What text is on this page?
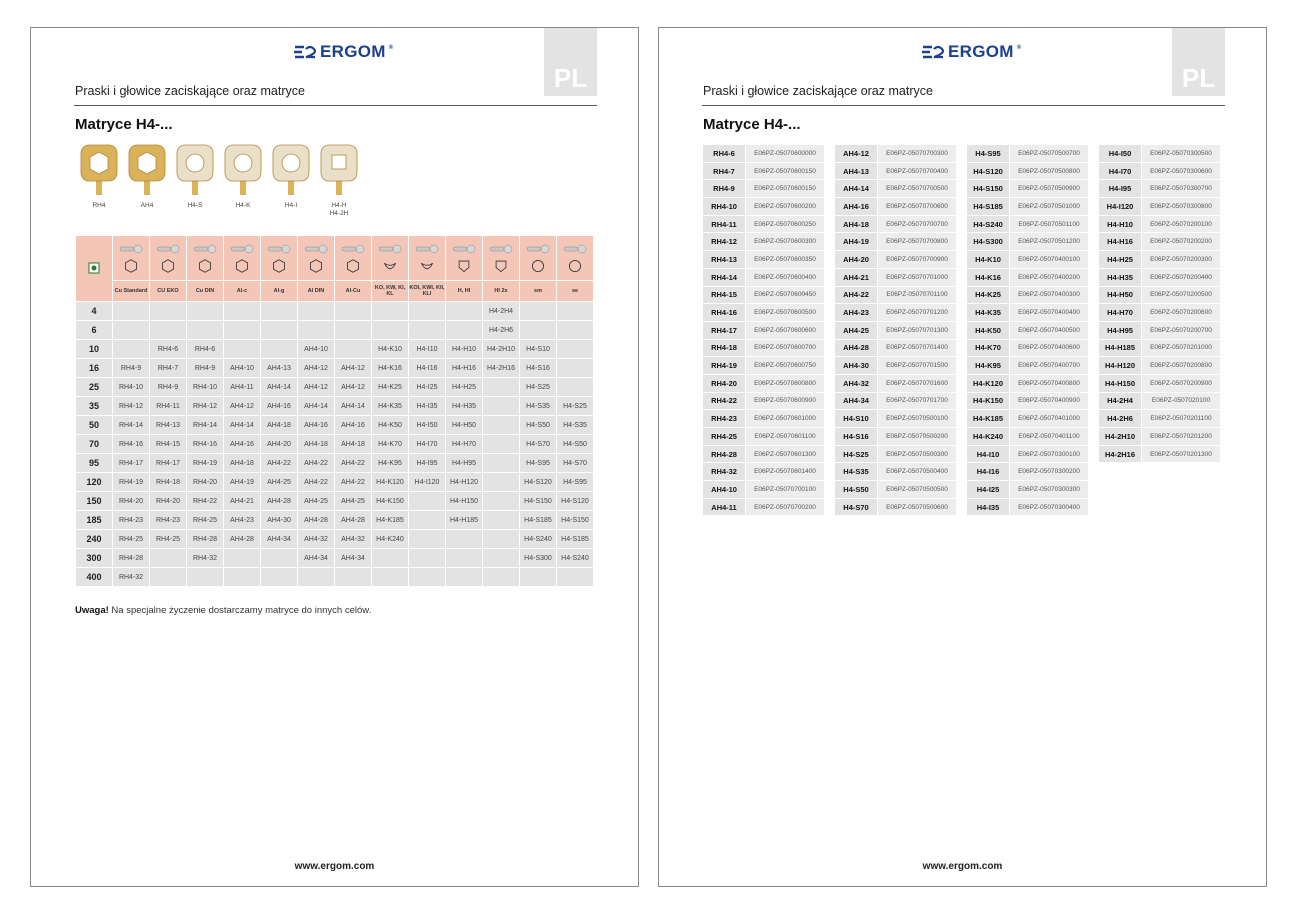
ERGOM ®
PL
Praski i głowice zaciskające oraz matryce
Matryce H4-...
RH4	AH4	H4-S	H4-K	H4-I	H4-H
H4-2H

	Cu Standard	CU EKO	Cu DIN	Al-c	Al-g	Al DIN	Al-Cu	KO, KW, KI, KL	KOI, KWI, KII, KLI	H, HI	HI 2x	sm	se
4											H4-2H4		
6											H4-2H6		
10		RH4-6	RH4-6			AH4-10		H4-K10	H4-I10	H4-H10	H4-2H10	H4-S10	
16	RH4-9	RH4-7	RH4-9	AH4-10	AH4-13	AH4-12	AH4-12	H4-K16	H4-I16	H4-H16	H4-2H16	H4-S16	
25	RH4-10	RH4-9	RH4-10	AH4-11	AH4-14	AH4-12	AH4-12	H4-K25	H4-I25	H4-H25		H4-S25	
35	RH4-12	RH4-11	RH4-12	AH4-12	AH4-16	AH4-14	AH4-14	H4-K35	H4-I35	H4-H35		H4-S35	H4-S25
50	RH4-14	RH4-13	RH4-14	AH4-14	AH4-18	AH4-16	AH4-16	H4-K50	H4-I50	H4-H50		H4-S50	H4-S35
70	RH4-16	RH4-15	RH4-16	AH4-16	AH4-20	AH4-18	AH4-18	H4-K70	H4-I70	H4-H70		H4-S70	H4-S50
95	RH4-17	RH4-17	RH4-19	AH4-18	AH4-22	AH4-22	AH4-22	H4-K95	H4-I95	H4-H95		H4-S95	H4-S70
120	RH4-19	RH4-18	RH4-20	AH4-19	AH4-25	AH4-22	AH4-22	H4-K120	H4-I120	H4-H120		H4-S120	H4-S95
150	RH4-20	RH4-20	RH4-22	AH4-21	AH4-28	AH4-25	AH4-25	H4-K150		H4-H150		H4-S150	H4-S120
185	RH4-23	RH4-23	RH4-25	AH4-23	AH4-30	AH4-28	AH4-28	H4-K185		H4-H185		H4-S185	H4-S150
240	RH4-25	RH4-25	RH4-28	AH4-28	AH4-34	AH4-32	AH4-32	H4-K240				H4-S240	H4-S185
300	RH4-28		RH4-32			AH4-34	AH4-34					H4-S300	H4-S240
400	RH4-32												
Uwaga! Na specjalne życzenie dostarczamy matryce do innych celów.
www.ergom.com
ERGOM ®
PL
Praski i głowice zaciskające oraz matryce
Matryce H4-...
RH4-6	E06PZ-05070600000
RH4-7	E06PZ-05070600150
RH4-9	E06PZ-05070600150
RH4-10	E06PZ-05070600200
RH4-11	E06PZ-05070600250
RH4-12	E06PZ-05070600300
RH4-13	E06PZ-05070600350
RH4-14	E06PZ-05070600400
RH4-15	E06PZ-05070600450
RH4-16	E06PZ-05070600500
RH4-17	E06PZ-05070600600
RH4-18	E06PZ-05070600700
RH4-19	E06PZ-05070600750
RH4-20	E06PZ-05070600800
RH4-22	E06PZ-05070600900
RH4-23	E06PZ-05070601000
RH4-25	E06PZ-05070601100
RH4-28	E06PZ-05070601300
RH4-32	E06PZ-05070601400
AH4-10	E06PZ-05070700100
AH4-11	E06PZ-05070700200
AH4-12	E06PZ-05070700300
AH4-13	E06PZ-05070700400
AH4-14	E06PZ-05070700500
AH4-16	E06PZ-05070700600
AH4-18	E06PZ-05070700700
AH4-19	E06PZ-05070700800
AH4-20	E06PZ-05070700900
AH4-21	E06PZ-05070701000
AH4-22	E06PZ-05070701100
AH4-23	E06PZ-05070701200
AH4-25	E06PZ-05070701300
AH4-28	E06PZ-05070701400
AH4-30	E06PZ-05070701500
AH4-32	E06PZ-05070701600
AH4-34	E06PZ-05070701700
H4-S10	E06PZ-05070500100
H4-S16	E06PZ-05070500200
H4-S25	E06PZ-05070500300
H4-S35	E06PZ-05070500400
H4-S50	E06PZ-05070500500
H4-S70	E06PZ-05070500600
H4-S95	E06PZ-05070500700
H4-S120	E06PZ-05070500800
H4-S150	E06PZ-05070500900
H4-S185	E06PZ-05070501000
H4-S240	E06PZ-05070501100
H4-S300	E06PZ-05070501200
H4-K10	E06PZ-05070400100
H4-K16	E06PZ-05070400200
H4-K25	E06PZ-05070400300
H4-K35	E06PZ-05070400400
H4-K50	E06PZ-05070400500
H4-K70	E06PZ-05070400600
H4-K95	E06PZ-05070400700
H4-K120	E06PZ-05070400800
H4-K150	E06PZ-05070400900
H4-K185	E06PZ-05070401000
H4-K240	E06PZ-05070401100
H4-I10	E06PZ-05070300100
H4-I16	E06PZ-05070300200
H4-I25	E06PZ-05070300300
H4-I35	E06PZ-05070300400
H4-I50	E06PZ-05070300500
H4-I70	E06PZ-05070300600
H4-I95	E06PZ-05070300700
H4-I120	E06PZ-05070300800
H4-H10	E06PZ-05070200100
H4-H16	E06PZ-05070200200
H4-H25	E06PZ-05070200300
H4-H35	E06PZ-05070200400
H4-H50	E06PZ-05070200500
H4-H70	E06PZ-05070200600
H4-H95	E06PZ-05070200700
H4-H185	E06PZ-05070201000
H4-H120	E06PZ-05070200800
H4-H150	E06PZ-05070200900
H4-2H4	E06PZ-0507020100
H4-2H6	E06PZ-05070201100
H4-2H10	E06PZ-05070201200
H4-2H16	E06PZ-05070201300
www.ergom.com
